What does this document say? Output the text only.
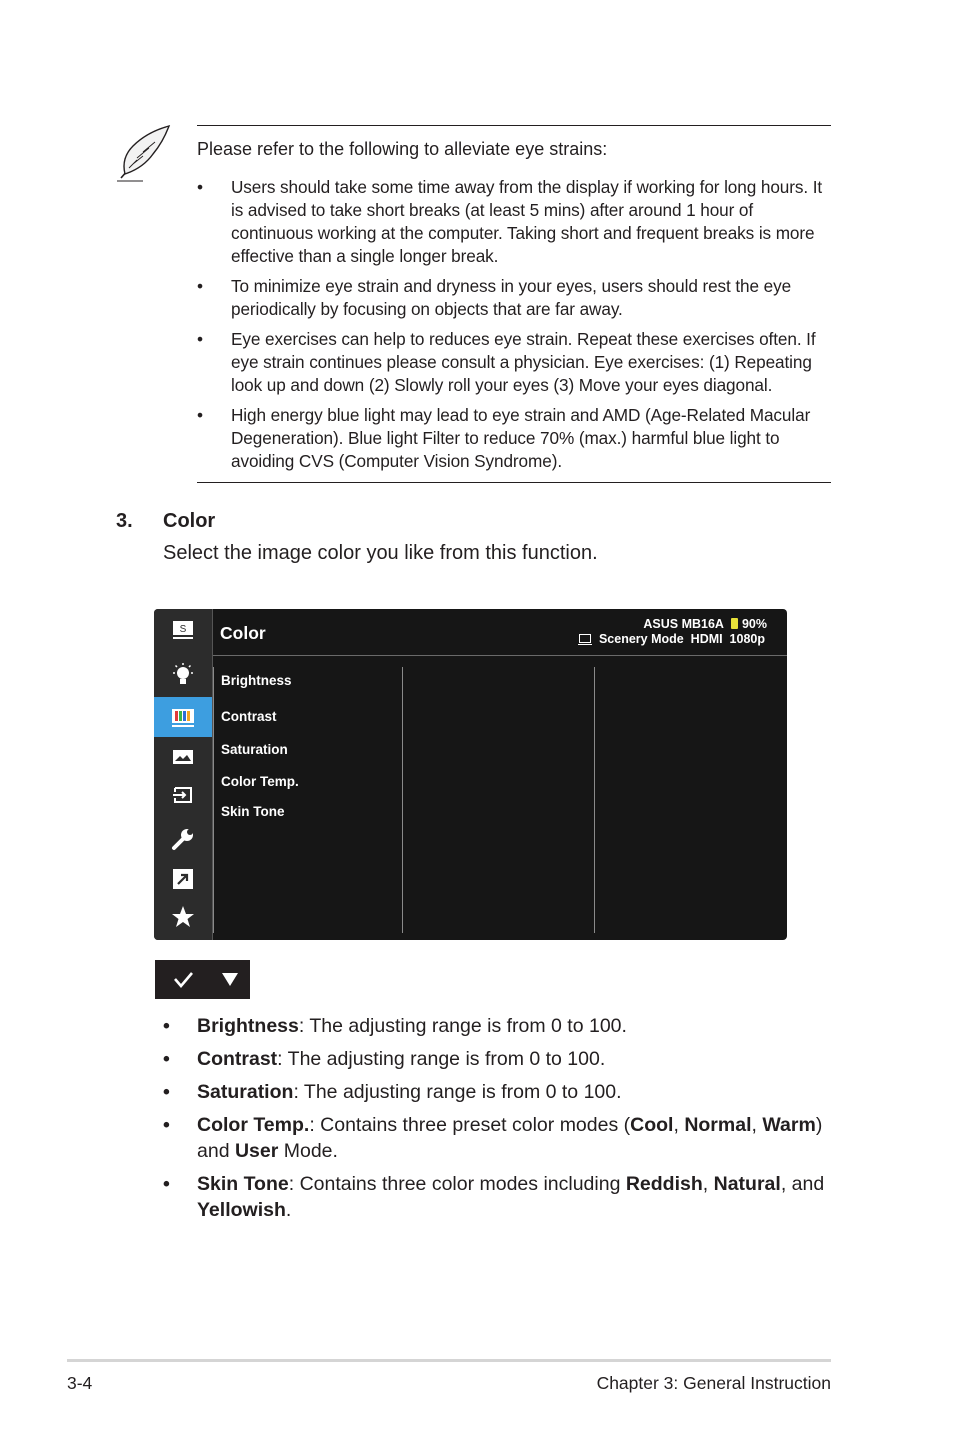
Please refer to the following to alleviate eye strains:
• Users should take some time away from the display if working for long hours. It is advised to take short breaks (at least 5 mins) after around 1 hour of continuous working at the computer. Taking short and frequent breaks is more effective than a single longer break.
• To minimize eye strain and dryness in your eyes, users should rest the eye periodically by focusing on objects that are far away.
• Eye exercises can help to reduces eye strain. Repeat these exercises often. If eye strain continues please consult a physician. Eye exercises: (1) Repeating look up and down (2) Slowly roll your eyes (3) Move your eyes diagonal.
• High energy blue light may lead to eye strain and AMD (Age-Related Macular Degeneration). Blue light Filter to reduce 70% (max.) harmful blue light to avoiding CVS (Computer Vision Syndrome).
3. Color
Select the image color you like from this function.
S Color	ASUS MB16A 90%
Scenery Mode  HDMI  1080p
Brightness
Contrast
Saturation
Color Temp.
Skin Tone
• Brightness: The adjusting range is from 0 to 100.
• Contrast: The adjusting range is from 0 to 100.
• Saturation: The adjusting range is from 0 to 100.
• Color Temp.: Contains three preset color modes (Cool, Normal, Warm) and User Mode.
• Skin Tone: Contains three color modes including Reddish, Natural, and Yellowish.
3-4	Chapter 3: General Instruction
